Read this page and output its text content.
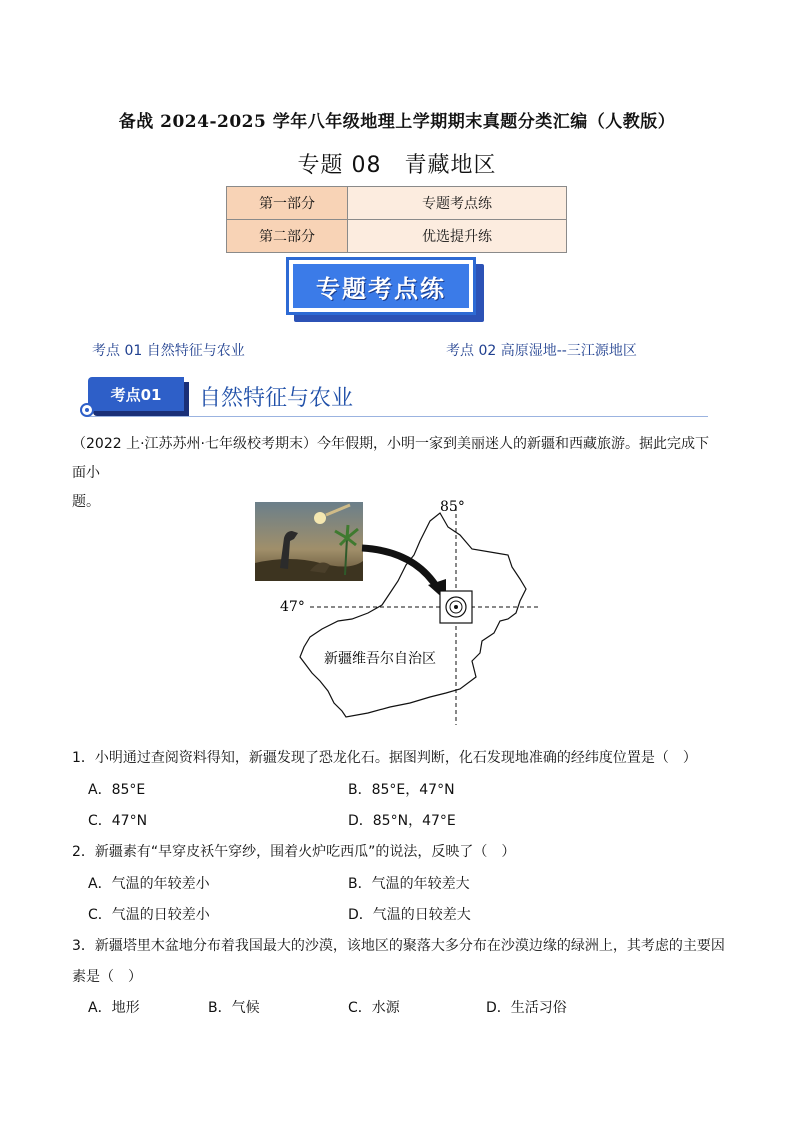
备战 2024-2025 学年八年级地理上学期期末真题分类汇编（人教版）
专题 08　青藏地区
第一部分	专题考点练
第二部分	优选提升练
专题考点练
考点 01 自然特征与农业	考点 02 高原湿地--三江源地区
考点01	自然特征与农业
（2022 上·江苏苏州·七年级校考期末）今年假期，小明一家到美丽迷人的新疆和西藏旅游。据此完成下面小
题。	85°
47°
新疆维吾尔自治区
1．小明通过查阅资料得知，新疆发现了恐龙化石。据图判断，化石发现地准确的经纬度位置是（　）
A．85°E	B．85°E，47°N
C．47°N	D．85°N，47°E
2．新疆素有“早穿皮袄午穿纱，围着火炉吃西瓜”的说法，反映了（　）
A．气温的年较差小	B．气温的年较差大
C．气温的日较差小	D．气温的日较差大
3．新疆塔里木盆地分布着我国最大的沙漠，该地区的聚落大多分布在沙漠边缘的绿洲上，其考虑的主要因
素是（　）
A．地形	B．气候	C．水源	D．生活习俗
